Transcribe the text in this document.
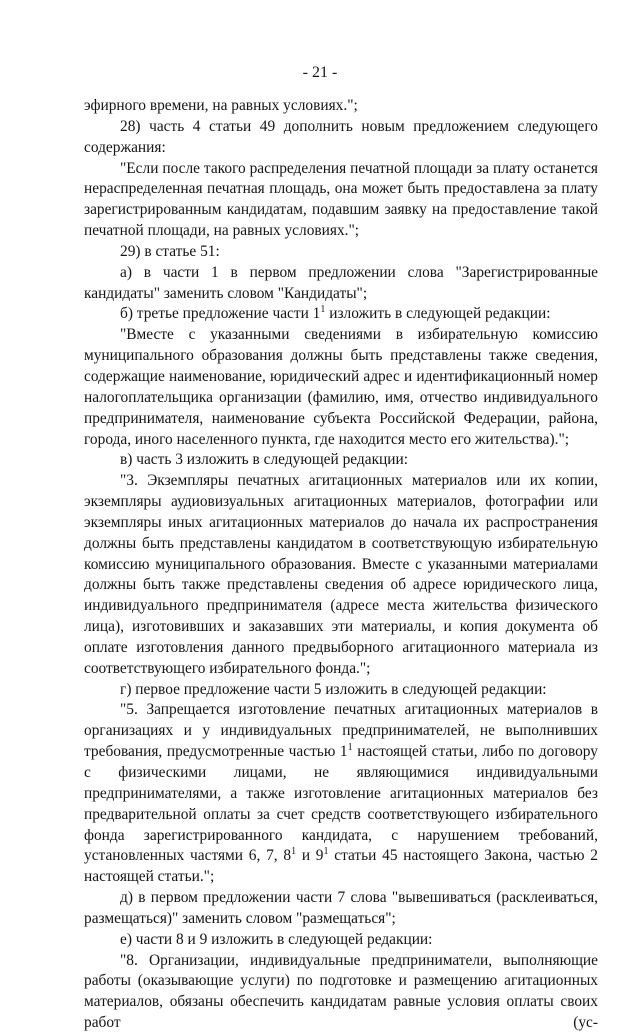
- 21 -

эфирного времени, на равных условиях.";

28) часть 4 статьи 49 дополнить новым предложением следующего содержания:

"Если после такого распределения печатной площади за плату останется нераспределенная печатная площадь, она может быть предоставлена за плату зарегистрированным кандидатам, подавшим заявку на предоставление такой печатной площади, на равных условиях.";

29) в статье 51:

а) в части 1 в первом предложении слова "Зарегистрированные кандидаты" заменить словом "Кандидаты";

б) третье предложение части $1^1$ изложить в следующей редакции:

"Вместе с указанными сведениями в избирательную комиссию муниципального образования должны быть представлены также сведения, содержащие наименование, юридический адрес и идентификационный номер налогоплательщика организации (фамилию, имя, отчество индивидуального предпринимателя, наименование субъекта Российской Федерации, района, города, иного населенного пункта, где находится место его жительства).";

в) часть 3 изложить в следующей редакции:

"3. Экземпляры печатных агитационных материалов или их копии, экземпляры аудиовизуальных агитационных материалов, фотографии или экземпляры иных агитационных материалов до начала их распространения должны быть представлены кандидатом в соответствующую избирательную комиссию муниципального образования. Вместе с указанными материалами должны быть также представлены сведения об адресе юридического лица, индивидуального предпринимателя (адресе места жительства физического лица), изготовивших и заказавших эти материалы, и копия документа об оплате изготовления данного предвыборного агитационного материала из соответствующего избирательного фонда.";

г) первое предложение части 5 изложить в следующей редакции:

"5. Запрещается изготовление печатных агитационных материалов в организациях и у индивидуальных предпринимателей, не выполнивших требования, предусмотренные частью $1^1$ настоящей статьи, либо по договору с физическими лицами, не являющимися индивидуальными предпринимателями, а также изготовление агитационных материалов без предварительной оплаты за счет средств соответствующего избирательного фонда зарегистрированного кандидата, с нарушением требований, установленных частями 6, 7, $8^1$ и $9^1$ статьи 45 настоящего Закона, частью 2 настоящей статьи.";

д) в первом предложении части 7 слова "вывешиваться (расклеиваться, размещаться)" заменить словом "размещаться";

е) части 8 и 9 изложить в следующей редакции:

"8. Организации, индивидуальные предприниматели, выполняющие работы (оказывающие услуги) по подготовке и размещению агитационных материалов, обязаны обеспечить кандидатам равные условия оплаты своих работ (ус-
